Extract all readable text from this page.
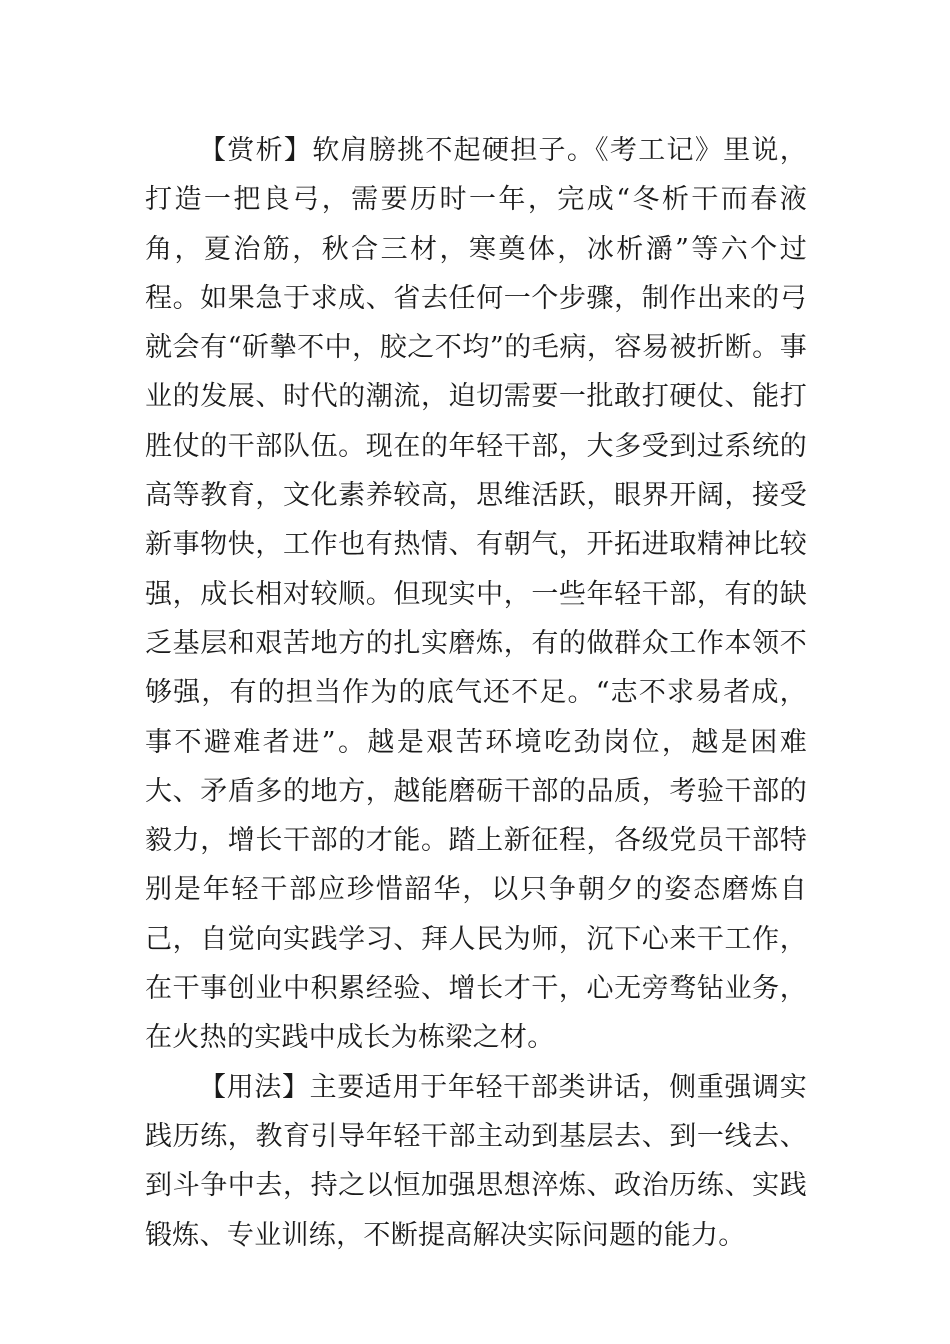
【赏析】软肩膀挑不起硬担子。《考工记》里说，打造一把良弓，需要历时一年，完成“冬析干而春液角，夏治筋，秋合三材，寒奠体，冰析灂”等六个过程。如果急于求成、省去任何一个步骤，制作出来的弓就会有“斫摰不中，胶之不均”的毛病，容易被折断。事业的发展、时代的潮流，迫切需要一批敢打硬仗、能打胜仗的干部队伍。现在的年轻干部，大多受到过系统的高等教育，文化素养较高，思维活跃，眼界开阔，接受新事物快，工作也有热情、有朝气，开拓进取精神比较强，成长相对较顺。但现实中，一些年轻干部，有的缺乏基层和艰苦地方的扎实磨炼，有的做群众工作本领不够强，有的担当作为的底气还不足。“志不求易者成，事不避难者进”。越是艰苦环境吃劲岗位，越是困难大、矛盾多的地方，越能磨砺干部的品质，考验干部的毅力，增长干部的才能。踏上新征程，各级党员干部特别是年轻干部应珍惜韶华，以只争朝夕的姿态磨炼自己，自觉向实践学习、拜人民为师，沉下心来干工作，在干事创业中积累经验、增长才干，心无旁骛钻业务，在火热的实践中成长为栋梁之材。

【用法】主要适用于年轻干部类讲话，侧重强调实践历练，教育引导年轻干部主动到基层去、到一线去、到斗争中去，持之以恒加强思想淬炼、政治历练、实践锻炼、专业训练，不断提高解决实际问题的能力。
